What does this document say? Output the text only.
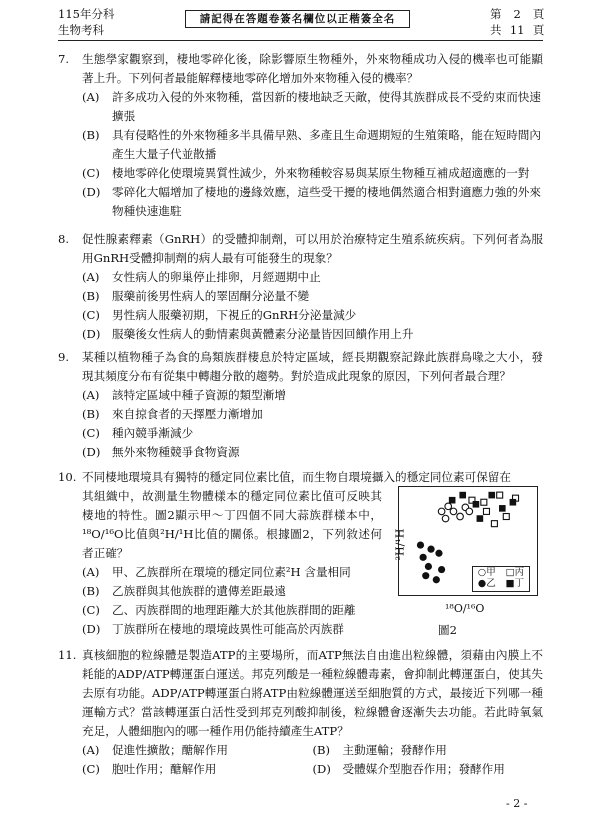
115年分科
生物考科
請記得在答題卷簽名欄位以正楷簽全名	第 2 頁
共 11 頁
7.	生態學家觀察到，棲地零碎化後，除影響原生物種外，外來物種成功入侵的機率也可能顯著上升。下列何者最能解釋棲地零碎化增加外來物種入侵的機率？
(A) 許多成功入侵的外來物種，當因新的棲地缺乏天敵，使得其族群成長不受約束而快速擴張
(B) 具有侵略性的外來物種多半具備早熟、多產且生命週期短的生殖策略，能在短時間內產生大量子代並散播
(C) 棲地零碎化使環境異質性減少，外來物種較容易與某原生物種互補成超適應的一對
(D) 零碎化大幅增加了棲地的邊緣效應，這些受干擾的棲地偶然適合相對適應力強的外來物種快速進駐
8.	促性腺素釋素（GnRH）的受體抑制劑，可以用於治療特定生殖系統疾病。下列何者為服用GnRH受體抑制劑的病人最有可能發生的現象？
(A) 女性病人的卵巢停止排卵，月經週期中止
(B) 服藥前後男性病人的睪固酮分泌量不變
(C) 男性病人服藥初期，下視丘的GnRH分泌量減少
(D) 服藥後女性病人的動情素與黃體素分泌量皆因回饋作用上升
9.	某種以植物種子為食的鳥類族群棲息於特定區域，經長期觀察記錄此族群鳥喙之大小，發現其頻度分布有從集中轉趨分散的趨勢。對於造成此現象的原因，下列何者最合理？
(A) 該特定區域中種子資源的類型漸增
(B) 來自掠食者的天擇壓力漸增加
(C) 種內競爭漸減少
(D) 無外來物種競爭食物資源
10. 不同棲地環境具有獨特的穩定同位素比值，而生物自環境攝入的穩定同位素可保留在
其組織中，故測量生物體樣本的穩定同位素比值可反映其棲地的特性。圖2顯示甲～丁四個不同大蒜族群樣本中，¹⁸O/¹⁶O比值與²H/¹H比值的關係。根據圖2，下列敘述何者正確？
(A) 甲、乙族群所在環境的穩定同位素²H 含量相同
(B) 乙族群與其他族群的遺傳差距最遠
(C) 乙、丙族群間的地理距離大於其他族群間的距離
(D) 丁族群所在棲地的環境歧異性可能高於丙族群
○甲 □丙
●乙 ■丁
²H/¹H
¹⁸O/¹⁶O
圖2
11. 真核細胞的粒線體是製造ATP的主要場所，而ATP無法自由進出粒線體，須藉由內膜上不耗能的ADP/ATP轉運蛋白運送。邦克列酸是一種粒線體毒素，會抑制此轉運蛋白，使其失去原有功能。ADP/ATP轉運蛋白將ATP由粒線體運送至細胞質的方式，最接近下列哪一種運輸方式？當該轉運蛋白活性受到邦克列酸抑制後，粒線體會逐漸失去功能。若此時氧氣充足，人體細胞內的哪一種作用仍能持續產生ATP？
(A) 促進性擴散；醣解作用	(B) 主動運輸；發酵作用
(C) 胞吐作用；醣解作用	(D) 受體媒介型胞吞作用；發酵作用
- 2 -
